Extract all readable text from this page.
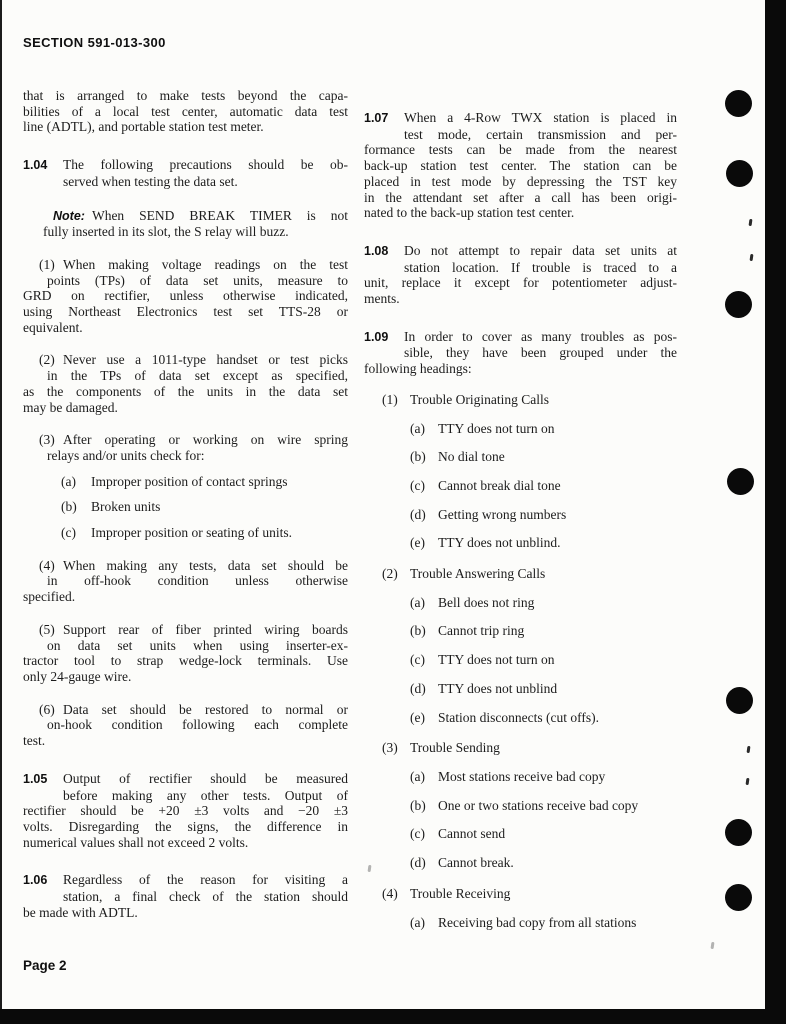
SECTION 591-013-300
that is arranged to make tests beyond the capa-
bilities of a local test center, automatic data test
line (ADTL), and portable station test meter.
1.04 The following precautions should be ob-
served when testing the data set.
Note: When SEND BREAK TIMER is not
fully inserted in its slot, the S relay will buzz.
(1) When making voltage readings on the test
points (TPs) of data set units, measure to
GRD on rectifier, unless otherwise indicated,
using Northeast Electronics test set TTS-28 or
equivalent.
(2) Never use a 1011-type handset or test picks
in the TPs of data set except as specified,
as the components of the units in the data set
may be damaged.
(3) After operating or working on wire spring
relays and/or units check for:
(a) Improper position of contact springs
(b) Broken units
(c) Improper position or seating of units.
(4) When making any tests, data set should be
in off-hook condition unless otherwise
specified.
(5) Support rear of fiber printed wiring boards
on data set units when using inserter-ex-
tractor tool to strap wedge-lock terminals. Use
only 24-gauge wire.
(6) Data set should be restored to normal or
on-hook condition following each complete
test.
1.05 Output of rectifier should be measured
before making any other tests. Output of
rectifier should be +20 ±3 volts and −20 ±3
volts. Disregarding the signs, the difference in
numerical values shall not exceed 2 volts.
1.06 Regardless of the reason for visiting a
station, a final check of the station should
be made with ADTL.
1.07 When a 4-Row TWX station is placed in
test mode, certain transmission and per-
formance tests can be made from the nearest
back-up station test center. The station can be
placed in test mode by depressing the TST key
in the attendant set after a call has been origi-
nated to the back-up station test center.
1.08 Do not attempt to repair data set units at
station location. If trouble is traced to a
unit, replace it except for potentiometer adjust-
ments.
1.09 In order to cover as many troubles as pos-
sible, they have been grouped under the
following headings:
(1) Trouble Originating Calls
(a) TTY does not turn on
(b) No dial tone
(c) Cannot break dial tone
(d) Getting wrong numbers
(e) TTY does not unblind.
(2) Trouble Answering Calls
(a) Bell does not ring
(b) Cannot trip ring
(c) TTY does not turn on
(d) TTY does not unblind
(e) Station disconnects (cut offs).
(3) Trouble Sending
(a) Most stations receive bad copy
(b) One or two stations receive bad copy
(c) Cannot send
(d) Cannot break.
(4) Trouble Receiving
(a) Receiving bad copy from all stations
Page 2
